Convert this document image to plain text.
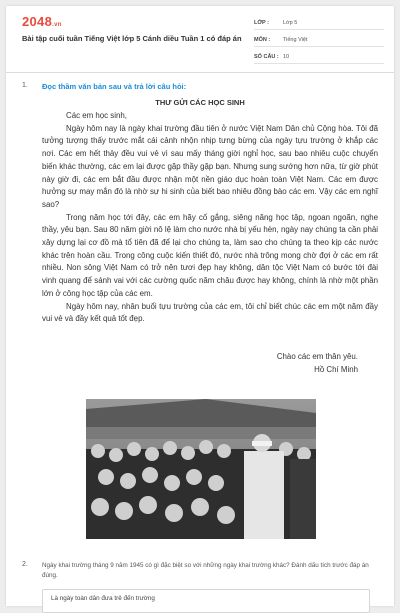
2048.vn
Bài tập cuối tuần Tiếng Việt lớp 5 Cánh diều Tuần 1 có đáp án
LỚP :	Lớp 5
MÔN :	Tiếng Việt
SỐ CÂU : 10
1. Đọc thầm văn bản sau và trả lời câu hỏi:
THƯ GỬI CÁC HỌC SINH

Các em học sinh,

Ngày hôm nay là ngày khai trường đầu tiên ở nước Việt Nam Dân chủ Cộng hòa. Tôi đã tưởng tượng thấy trước mắt cái cảnh nhộn nhịp tưng bừng của ngày tựu trường ở khắp các nơi. Các em hết thảy đều vui vẻ vì sau mấy tháng giời nghỉ học, sau bao nhiêu cuộc chuyển biến khác thường, các em lại được gặp thầy gặp bạn. Nhưng sung sướng hơn nữa, từ giờ phút này giờ đi, các em bắt đầu được nhận một nền giáo dục hoàn toàn Việt Nam. Các em được hưởng sự may mắn đó là nhờ sự hi sinh của biết bao nhiêu đồng bào các em. Vậy các em nghĩ sao?

Trong năm học tới đây, các em hãy cố gắng, siêng năng học tập, ngoan ngoãn, nghe thầy, yêu bạn. Sau 80 năm giời nô lệ làm cho nước nhà bị yếu hèn, ngày nay chúng ta cần phải xây dựng lại cơ đồ mà tổ tiên đã để lại cho chúng ta, làm sao cho chúng ta theo kịp các nước khác trên hoàn cầu. Trong công cuộc kiến thiết đó, nước nhà trông mong chờ đợi ở các em rất nhiều. Non sông Việt Nam có trở nên tươi đẹp hay không, dân tộc Việt Nam có bước tới đài vinh quang để sánh vai với các cường quốc năm châu được hay không, chính là nhờ một phần lớn ở công học tập của các em.

Ngày hôm nay, nhân buổi tựu trường của các em, tôi chỉ biết chúc các em một năm đầy vui vẻ và đầy kết quả tốt đẹp.

Chào các em thân yêu.
Hồ Chí Minh
2. Ngày khai trường tháng 9 năm 1945 có gì đặc biệt so với những ngày khai trường khác? Đánh dấu tích trước đáp án đúng.
Là ngày toàn dân đưa trẻ đến trường
